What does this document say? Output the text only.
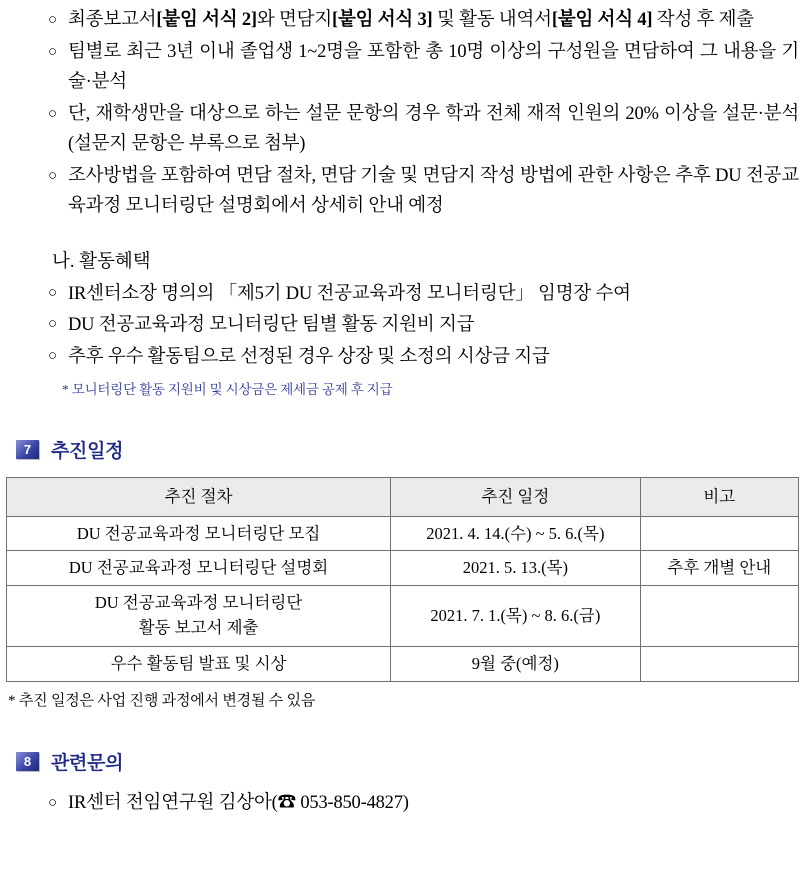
○ 최종보고서[붙임 서식 2]와 면담지[붙임 서식 3] 및 활동 내역서[붙임 서식 4] 작성 후 제출
○ 팀별로 최근 3년 이내 졸업생 1~2명을 포함한 총 10명 이상의 구성원을 면담하여 그 내용을 기술·분석
○ 단, 재학생만을 대상으로 하는 설문 문항의 경우 학과 전체 재적 인원의 20% 이상을 설문·분석 (설문지 문항은 부록으로 첨부)
○ 조사방법을 포함하여 면담 절차, 면담 기술 및 면담지 작성 방법에 관한 사항은 추후 DU 전공교육과정 모니터링단 설명회에서 상세히 안내 예정
나. 활동혜택
○ IR센터소장 명의의 「제5기 DU 전공교육과정 모니터링단」 임명장 수여
○ DU 전공교육과정 모니터링단 팀별 활동 지원비 지급
○ 추후 우수 활동팀으로 선정된 경우 상장 및 소정의 시상금 지급
* 모니터링단 활동 지원비 및 시상금은 제세금 공제 후 지급
7	추진일정
추진 절차	추진 일정	비고
DU 전공교육과정 모니터링단 모집	2021. 4. 14.(수) ~ 5. 6.(목)	
DU 전공교육과정 모니터링단 설명회	2021. 5. 13.(목)	추후 개별 안내
DU 전공교육과정 모니터링단
활동 보고서 제출	2021. 7. 1.(목) ~ 8. 6.(금)	
우수 활동팀 발표 및 시상	9월 중(예정)	
* 추진 일정은 사업 진행 과정에서 변경될 수 있음
8	관련문의
○ IR센터 전임연구원 김상아(☎ 053-850-4827)
